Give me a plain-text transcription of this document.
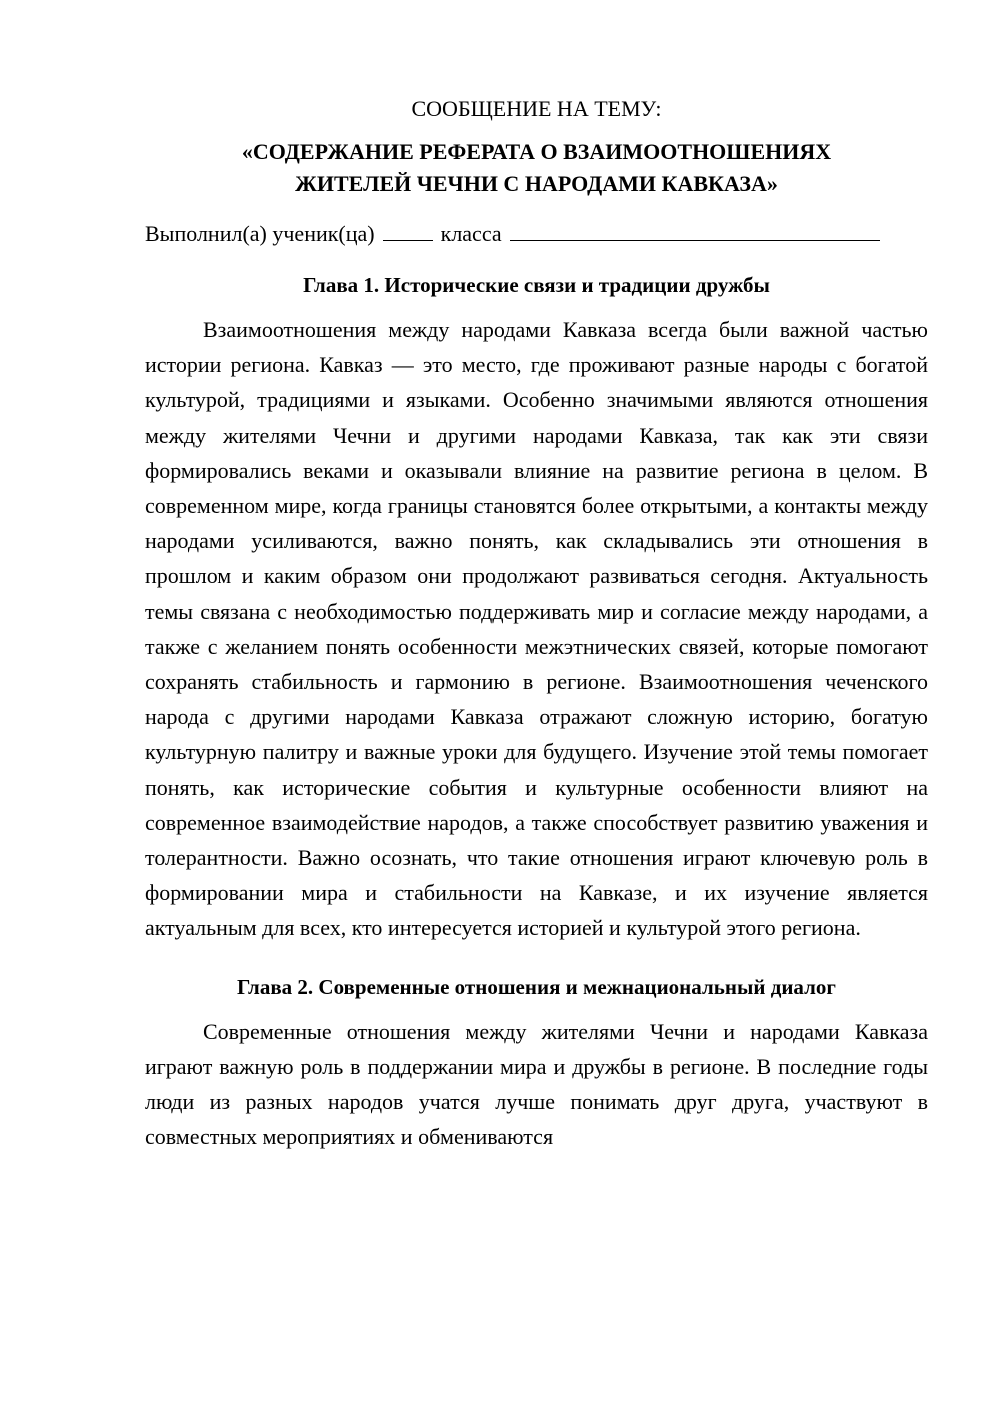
СООБЩЕНИЕ НА ТЕМУ:

«СОДЕРЖАНИЕ РЕФЕРАТА О ВЗАИМООТНОШЕНИЯХ
ЖИТЕЛЕЙ ЧЕЧНИ С НАРОДАМИ КАВКАЗА»
Выполнил(а) ученик(ца)	класса
Глава 1. Исторические связи и традиции дружбы

Взаимоотношения между народами Кавказа всегда были важной частью истории региона. Кавказ — это место, где проживают разные народы с богатой культурой, традициями и языками. Особенно значимыми являются отношения между жителями Чечни и другими народами Кавказа, так как эти связи формировались веками и оказывали влияние на развитие региона в целом. В современном мире, когда границы становятся более открытыми, а контакты между народами усиливаются, важно понять, как складывались эти отношения в прошлом и каким образом они продолжают развиваться сегодня. Актуальность темы связана с необходимостью поддерживать мир и согласие между народами, а также с желанием понять особенности межэтнических связей, которые помогают сохранять стабильность и гармонию в регионе. Взаимоотношения чеченского народа с другими народами Кавказа отражают сложную историю, богатую культурную палитру и важные уроки для будущего. Изучение этой темы помогает понять, как исторические события и культурные особенности влияют на современное взаимодействие народов, а также способствует развитию уважения и толерантности. Важно осознать, что такие отношения играют ключевую роль в формировании мира и стабильности на Кавказе, и их изучение является актуальным для всех, кто интересуется историей и культурой этого региона.

Глава 2. Современные отношения и межнациональный диалог

Современные отношения между жителями Чечни и народами Кавказа играют важную роль в поддержании мира и дружбы в регионе. В последние годы люди из разных народов учатся лучше понимать друг друга, участвуют в совместных мероприятиях и обмениваются
